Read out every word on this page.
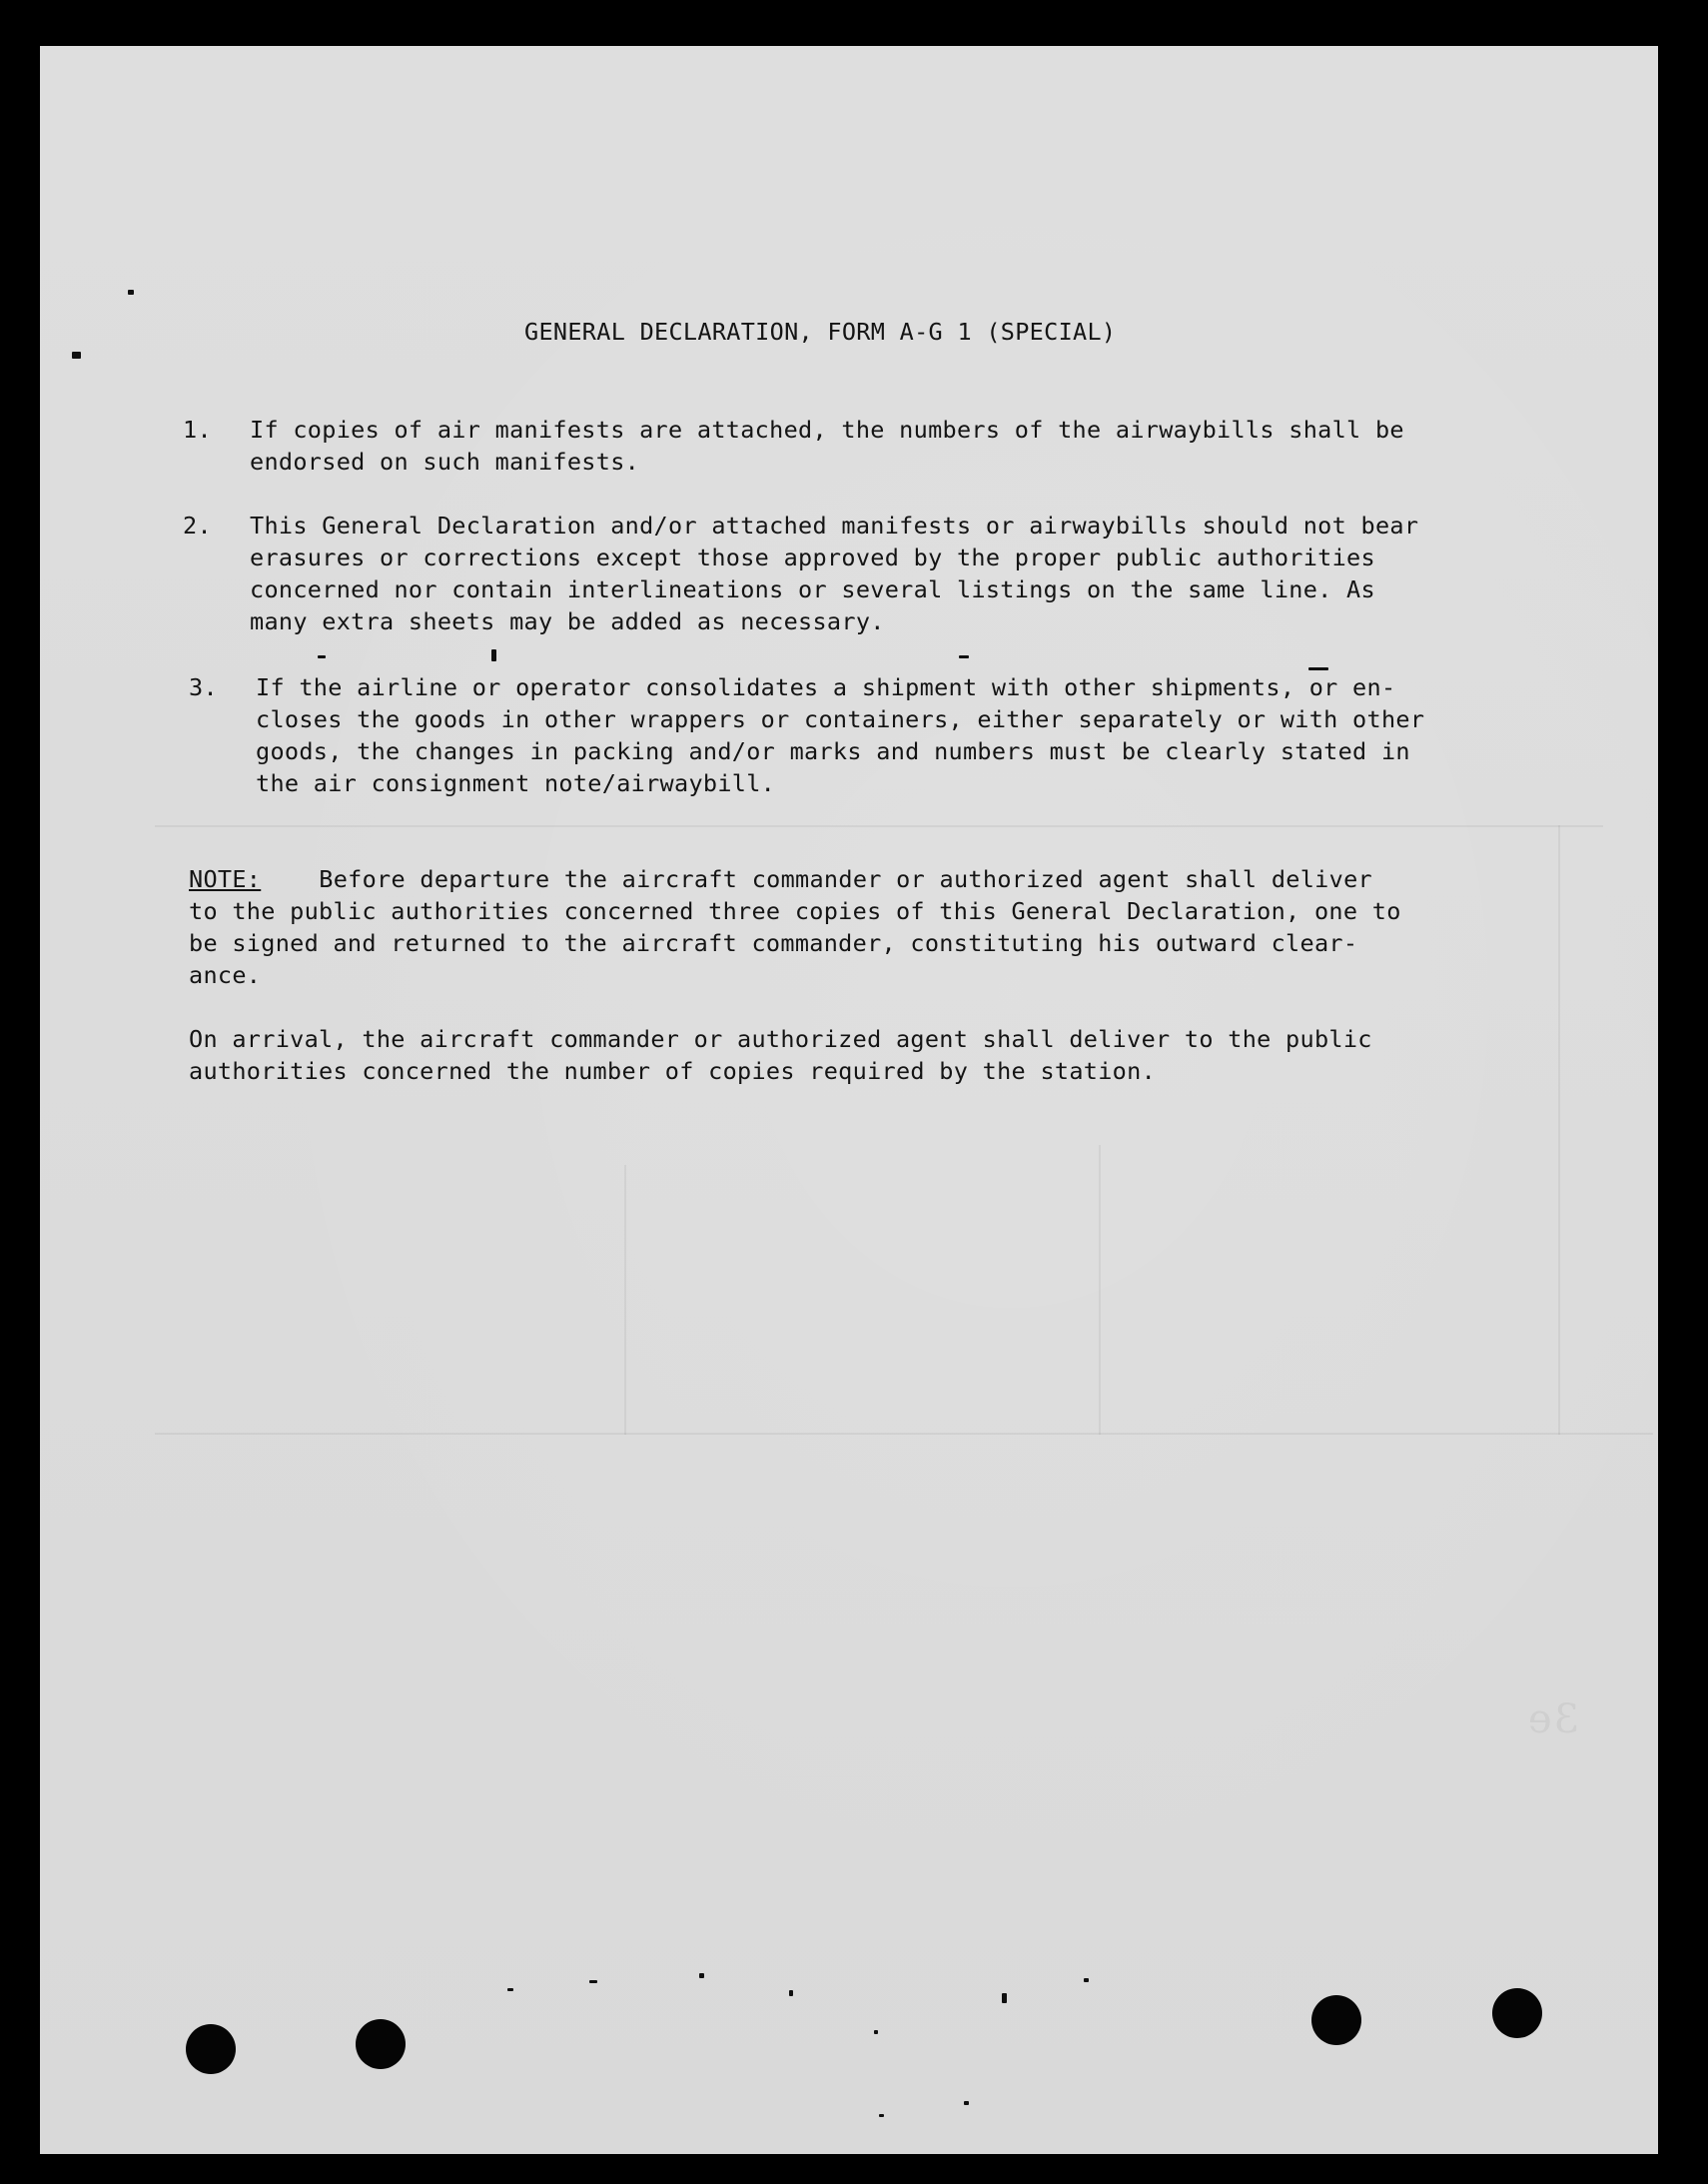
3e
GENERAL DECLARATION, FORM A-G 1 (SPECIAL)
1.	If copies of air manifests are attached, the numbers of the airwaybills shall be
endorsed on such manifests.
2.	This General Declaration and/or attached manifests or airwaybills should not bear
erasures or corrections except those approved by the proper public authorities
concerned nor contain interlineations or several listings on the same line. As
many extra sheets may be added as necessary.
3.	If the airline or operator consolidates a shipment with other shipments, or en-
closes the goods in other wrappers or containers, either separately or with other
goods, the changes in packing and/or marks and numbers must be clearly stated in
the air consignment note/airwaybill.
NOTE: Before departure the aircraft commander or authorized agent shall deliver
to the public authorities concerned three copies of this General Declaration, one to
be signed and returned to the aircraft commander, constituting his outward clear-
ance.
On arrival, the aircraft commander or authorized agent shall deliver to the public
authorities concerned the number of copies required by the station.
